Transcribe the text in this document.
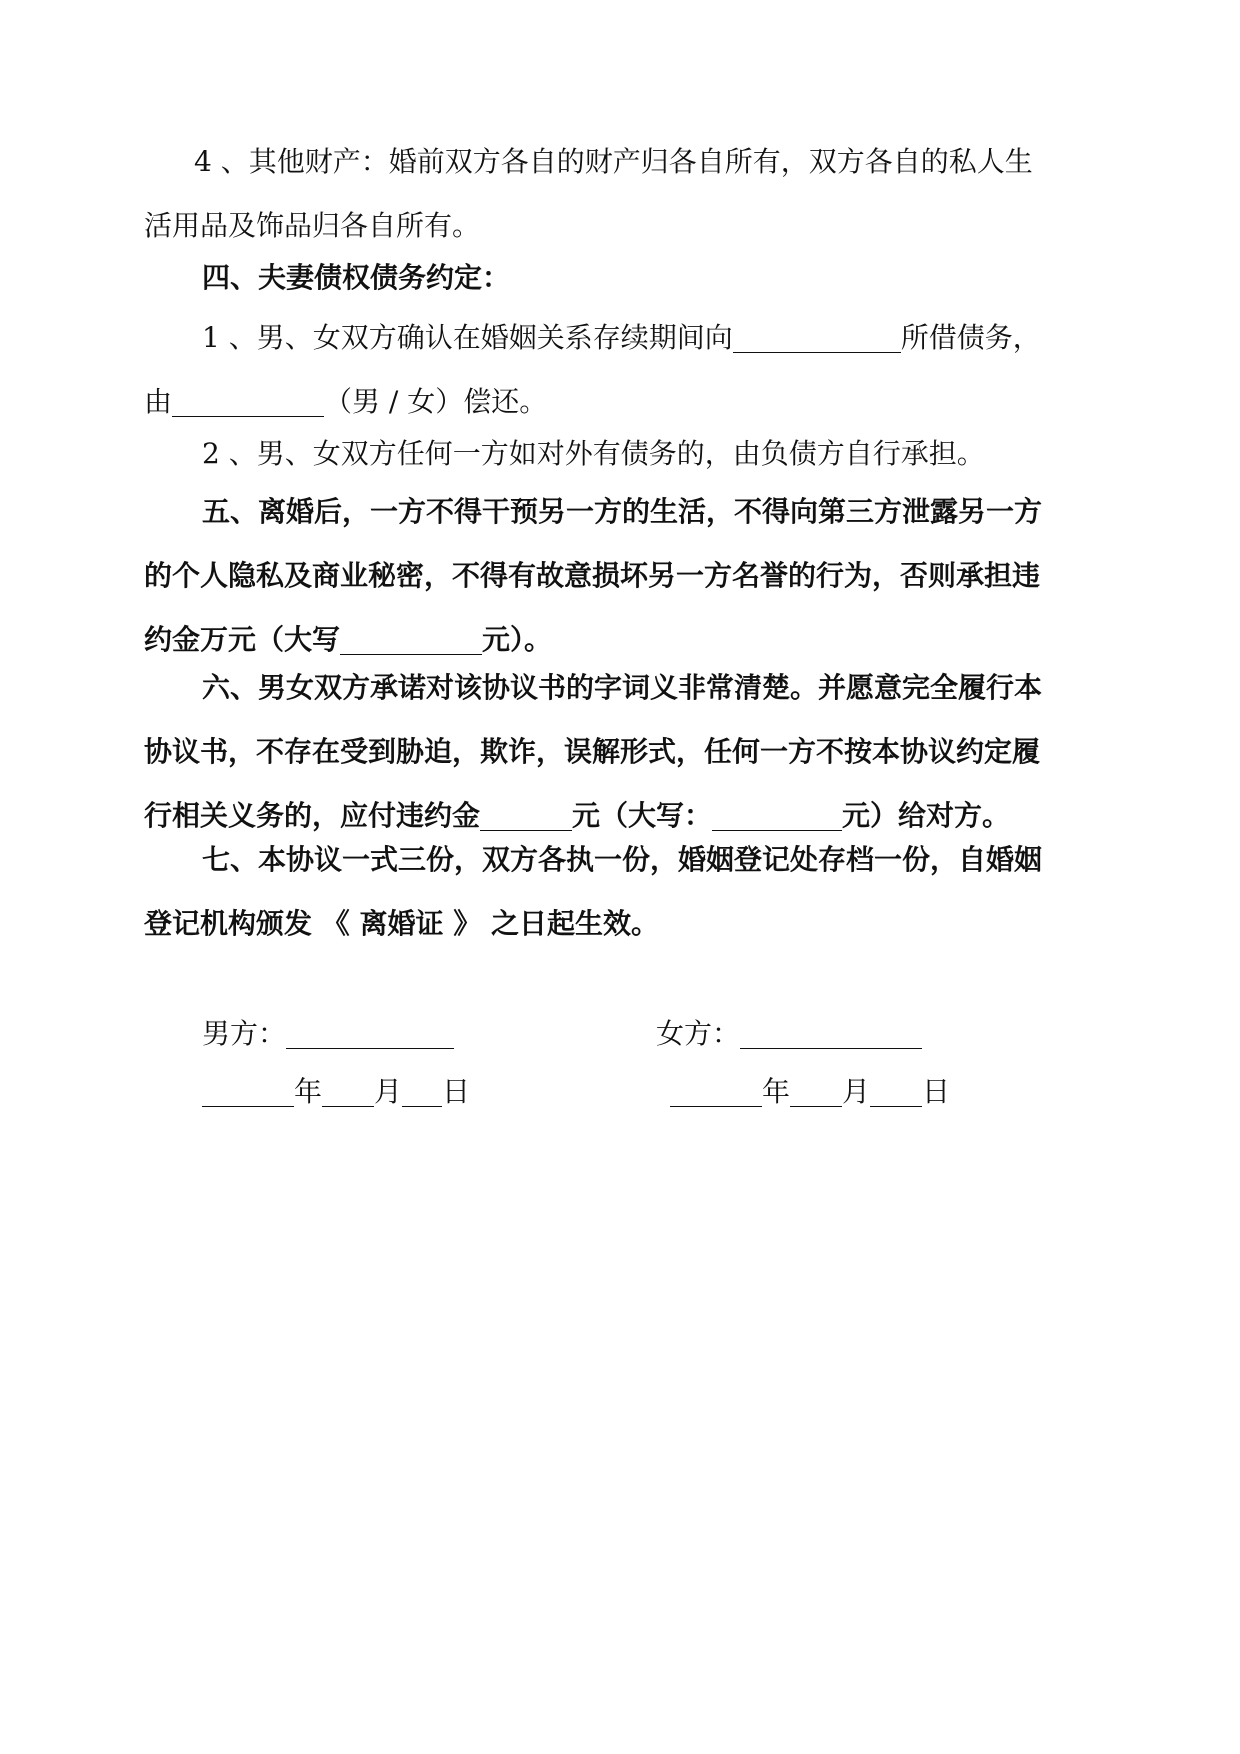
4 、其他财产：婚前双方各自的财产归各自所有，双方各自的私人生
活用品及饰品归各自所有。
四、夫妻债权债务约定：
1 、男、女双方确认在婚姻关系存续期间向	所借债务，
由	（男 / 女）偿还。
2 、男、女双方任何一方如对外有债务的，由负债方自行承担。
五、离婚后，一方不得干预另一方的生活，不得向第三方泄露另一方
的个人隐私及商业秘密，不得有故意损坏另一方名誉的行为，否则承担违
约金万元（大写	元）。
六、男女双方承诺对该协议书的字词义非常清楚。并愿意完全履行本
协议书，不存在受到胁迫，欺诈，误解形式，任何一方不按本协议约定履
行相关义务的，应付违约金	元（大写：	元）给对方。
七、本协议一式三份，双方各执一份，婚姻登记处存档一份，自婚姻
登记机构颁发 《 离婚证 》 之日起生效。
男方：	女方：
年 月 日	年 月 日
